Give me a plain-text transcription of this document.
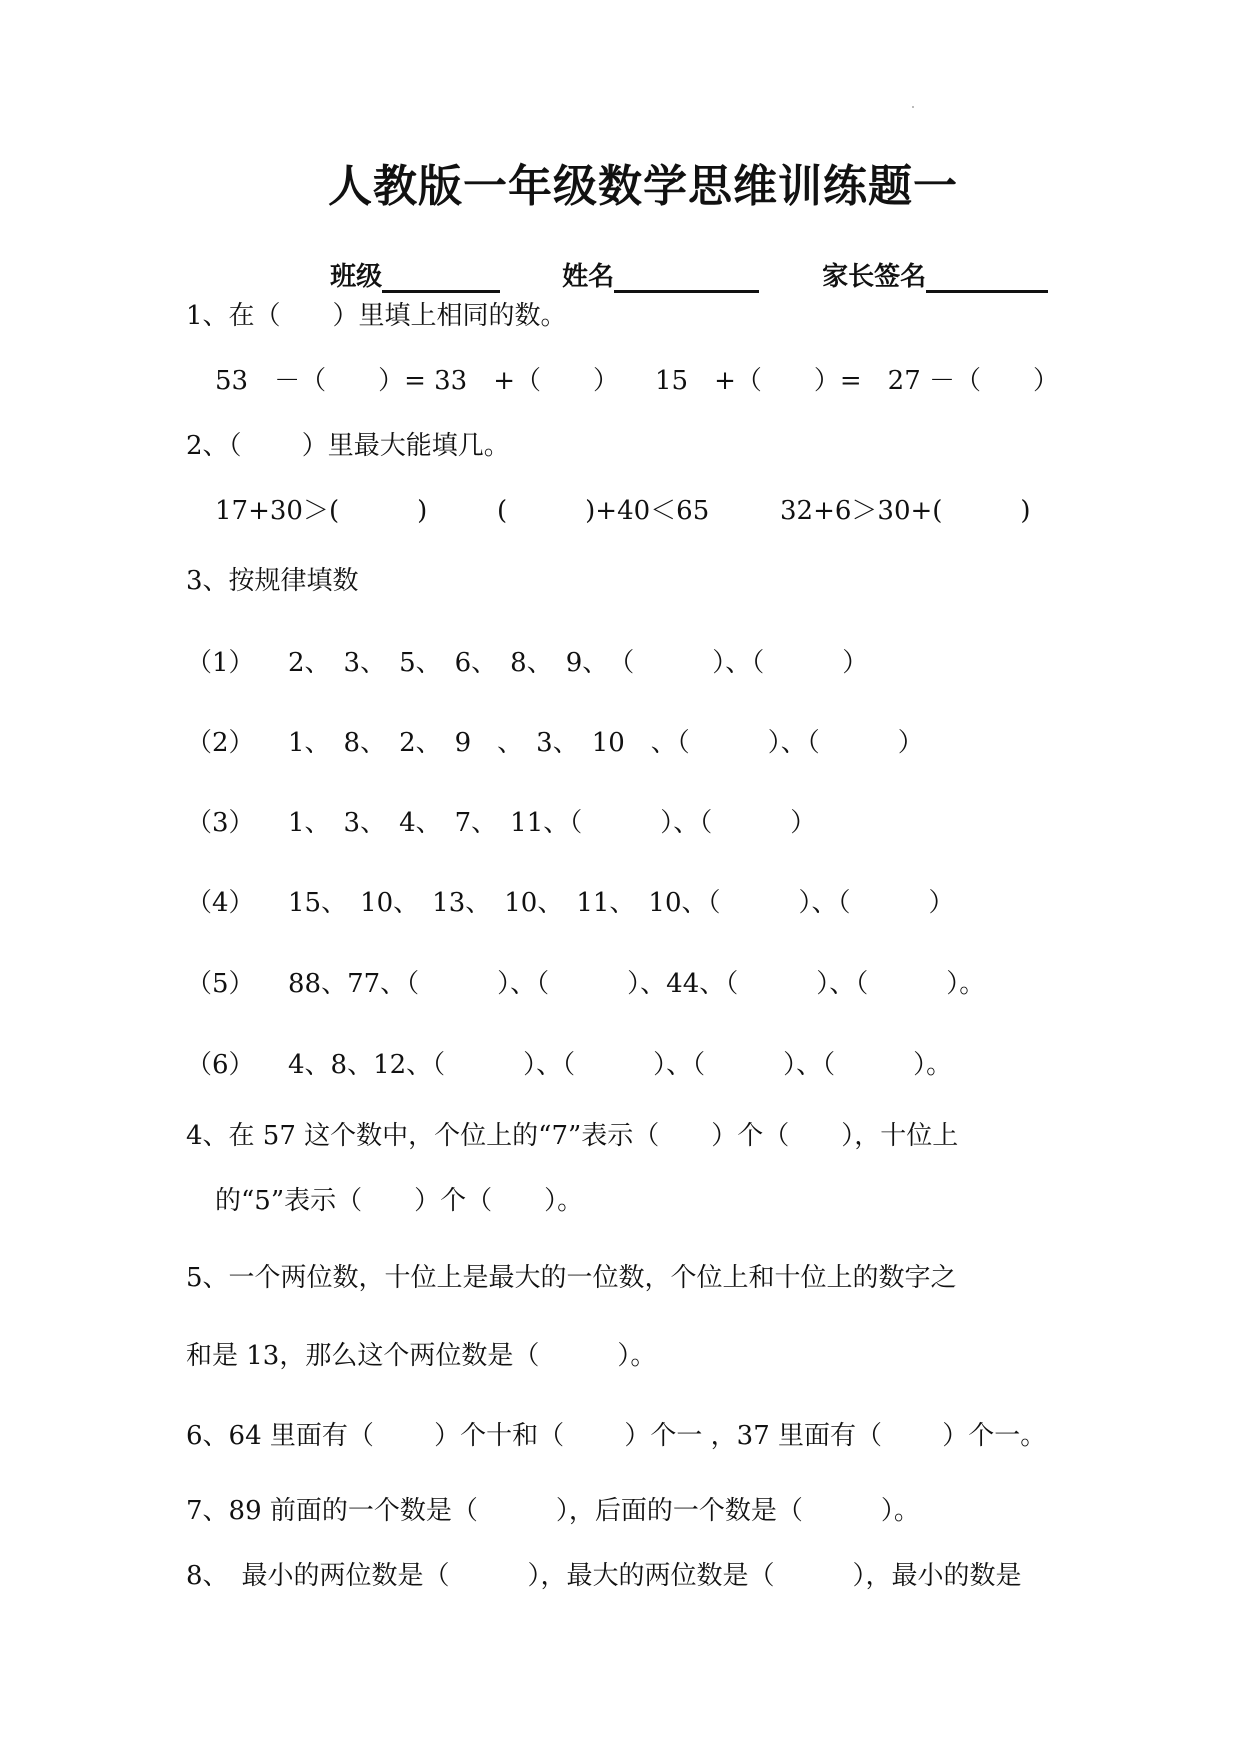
人教版一年级数学思维训练题一

班级	姓名	家长签名

1、在（　　）里填上相同的数。
53　－（　　）= 33　+（　　） 15　+（　　）=　27 －（　　）
2、（　　 ）里最大能填几。
17+30＞(　　　)	(　　　)+40＜65	32+6＞30+(　　　)
3、按规律填数
（1） 2、　3、　5、　6、　8、　9、　（　　　）、（　　　）
（2） 1、　8、　2、　9　、　3、　10　、（　　　）、（　　　）
（3） 1、　3、　4、　7、　11、（　　　）、（　　　）
（4） 15、　10、　13、　10、　11、　10、（　　　）、（　　　）
（5） 88、77、（　　　）、（　　　）、44、（　　　）、（　　　）。
（6） 4、8、12、（　　　）、（　　　）、（　　　）、（　　　）。
4、在 57 这个数中，个位上的“7”表示（　　）个（　　），十位上
的“5”表示（　　）个（　　）。
5、一个两位数，十位上是最大的一位数，个位上和十位上的数字之
和是 13，那么这个两位数是（　　　）。
6、64 里面有（　　 ）个十和（　　 ）个一 ，37 里面有（　　 ）个一。
7、89 前面的一个数是（　　　），后面的一个数是（　　　）。
8、　最小的两位数是（　　　），最大的两位数是（　　　），最小的数是
